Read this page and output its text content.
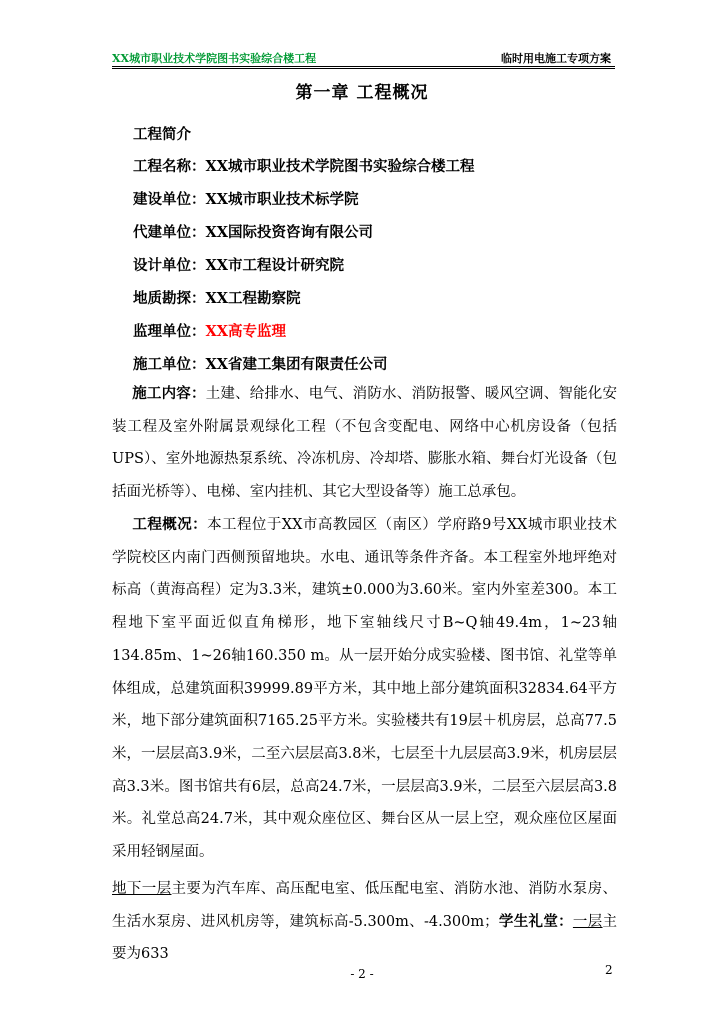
XX城市职业技术学院图书实验综合楼工程	临时用电施工专项方案
第一章 工程概况
工程简介
工程名称：XX城市职业技术学院图书实验综合楼工程
建设单位：XX城市职业技术标学院
代建单位：XX国际投资咨询有限公司
设计单位：XX市工程设计研究院
地质勘探：XX工程勘察院
监理单位：XX高专监理
施工单位：XX省建工集团有限责任公司
施工内容：土建、给排水、电气、消防水、消防报警、暖风空调、智能化安装工程及室外附属景观绿化工程（不包含变配电、网络中心机房设备（包括UPS）、室外地源热泵系统、冷冻机房、冷却塔、膨胀水箱、舞台灯光设备（包括面光桥等）、电梯、室内挂机、其它大型设备等）施工总承包。
工程概况：本工程位于XX市高教园区（南区）学府路9号XX城市职业技术学院校区内南门西侧预留地块。水电、通讯等条件齐备。本工程室外地坪绝对标高（黄海高程）定为3.3米，建筑±0.000为3.60米。室内外室差300。本工程地下室平面近似直角梯形，地下室轴线尺寸B~Q轴49.4m，1~23轴134.85m、1~26轴160.350 m。从一层开始分成实验楼、图书馆、礼堂等单体组成，总建筑面积39999.89平方米，其中地上部分建筑面积32834.64平方米，地下部分建筑面积7165.25平方米。实验楼共有19层＋机房层，总高77.5米，一层层高3.9米，二至六层层高3.8米，七层至十九层层高3.9米，机房层层高3.3米。图书馆共有6层，总高24.7米，一层层高3.9米，二层至六层层高3.8米。礼堂总高24.7米，其中观众座位区、舞台区从一层上空，观众座位区屋面采用轻钢屋面。
地下一层主要为汽车库、高压配电室、低压配电室、消防水池、消防水泵房、生活水泵房、进风机房等，建筑标高-5.300m、-4.300m；学生礼堂：一层主要为633
- 2 -	2
